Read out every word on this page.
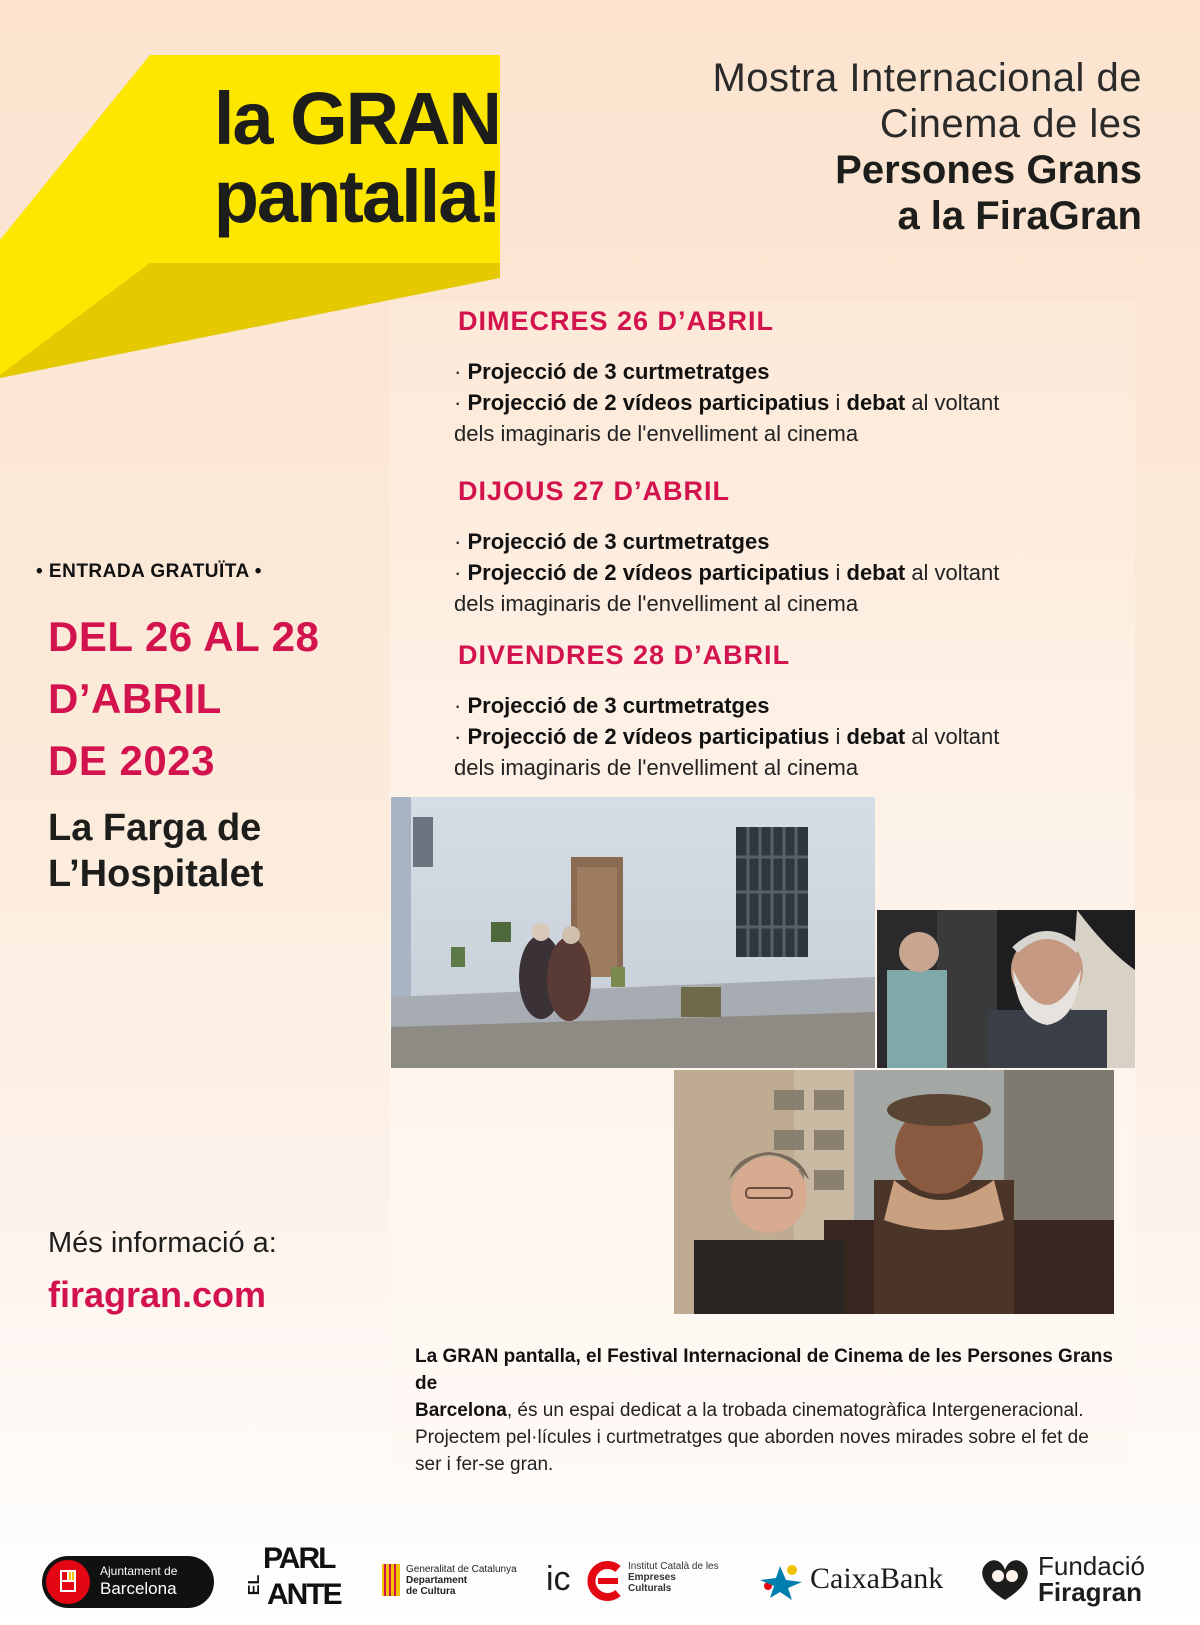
la GRAN
pantalla!
Mostra Internacional de
Cinema de les
Persones Grans
a la FiraGran
DIMECRES 26 D’ABRIL
· Projecció de 3 curtmetratges
· Projecció de 2 vídeos participatius i debat al voltant
dels imaginaris de l'envelliment al cinema
DIJOUS 27 D’ABRIL
· Projecció de 3 curtmetratges
· Projecció de 2 vídeos participatius i debat al voltant
dels imaginaris de l'envelliment al cinema
DIVENDRES 28 D’ABRIL
· Projecció de 3 curtmetratges
· Projecció de 2 vídeos participatius i debat al voltant
dels imaginaris de l'envelliment al cinema
• ENTRADA GRATUÏTA •
DEL 26 AL 28
D’ABRIL
DE 2023
La Farga de
L’Hospitalet
Més informació a:
firagran.com
La GRAN pantalla, el Festival Internacional de Cinema de les Persones Grans de
Barcelona, és un espai dedicat a la trobada cinematogràfica Intergeneracional.
Projectem pel·lícules i curtmetratges que aborden noves mirades sobre el fet de
ser i fer-se gran.
Ajuntament de
Barcelona	EL
PARL
ANTE
Generalitat de Catalunya
Departament
de Cultura	ic	Institut Català de les
Empreses
Culturals	CaixaBank	Fundació
Firagran
